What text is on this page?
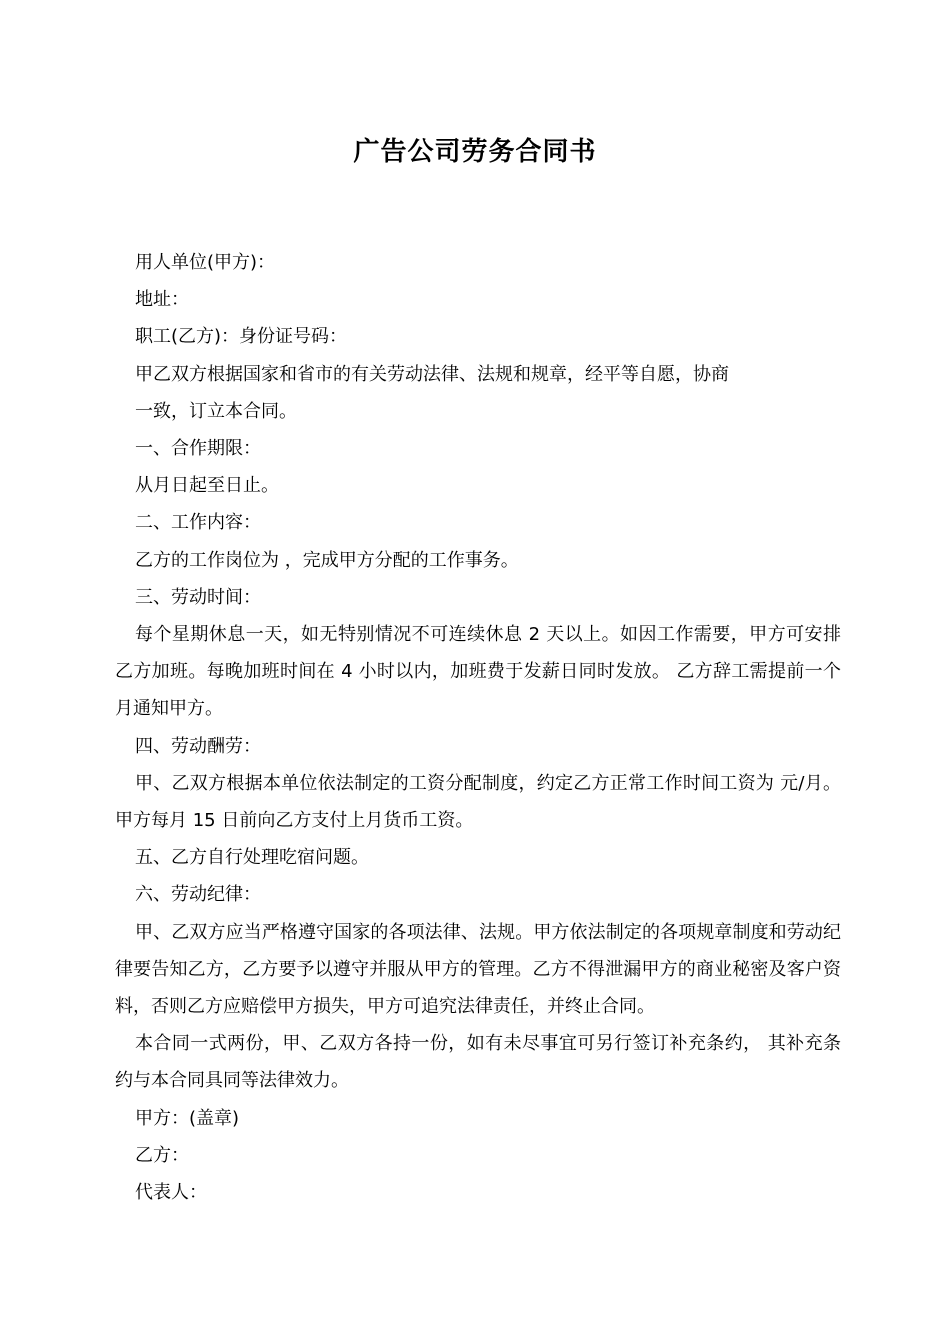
广告公司劳务合同书
用人单位(甲方)：
地址：
职工(乙方)：身份证号码：
甲乙双方根据国家和省市的有关劳动法律、法规和规章，经平等自愿，协商
一致，订立本合同。
一、合作期限：
从月日起至日止。
二、工作内容：
乙方的工作岗位为 ，完成甲方分配的工作事务。
三、劳动时间：
每个星期休息一天，如无特别情况不可连续休息 2 天以上。如因工作需要，甲方可安排乙方加班。每晚加班时间在 4 小时以内，加班费于发薪日同时发放。 乙方辞工需提前一个月通知甲方。
四、劳动酬劳：
甲、乙双方根据本单位依法制定的工资分配制度，约定乙方正常工作时间工资为 元/月。甲方每月 15 日前向乙方支付上月货币工资。
五、乙方自行处理吃宿问题。
六、劳动纪律：
甲、乙双方应当严格遵守国家的各项法律、法规。甲方依法制定的各项规章制度和劳动纪律要告知乙方，乙方要予以遵守并服从甲方的管理。乙方不得泄漏甲方的商业秘密及客户资料，否则乙方应赔偿甲方损失，甲方可追究法律责任，并终止合同。
本合同一式两份，甲、乙双方各持一份，如有未尽事宜可另行签订补充条约， 其补充条约与本合同具同等法律效力。
甲方：(盖章)
乙方：
代表人：
